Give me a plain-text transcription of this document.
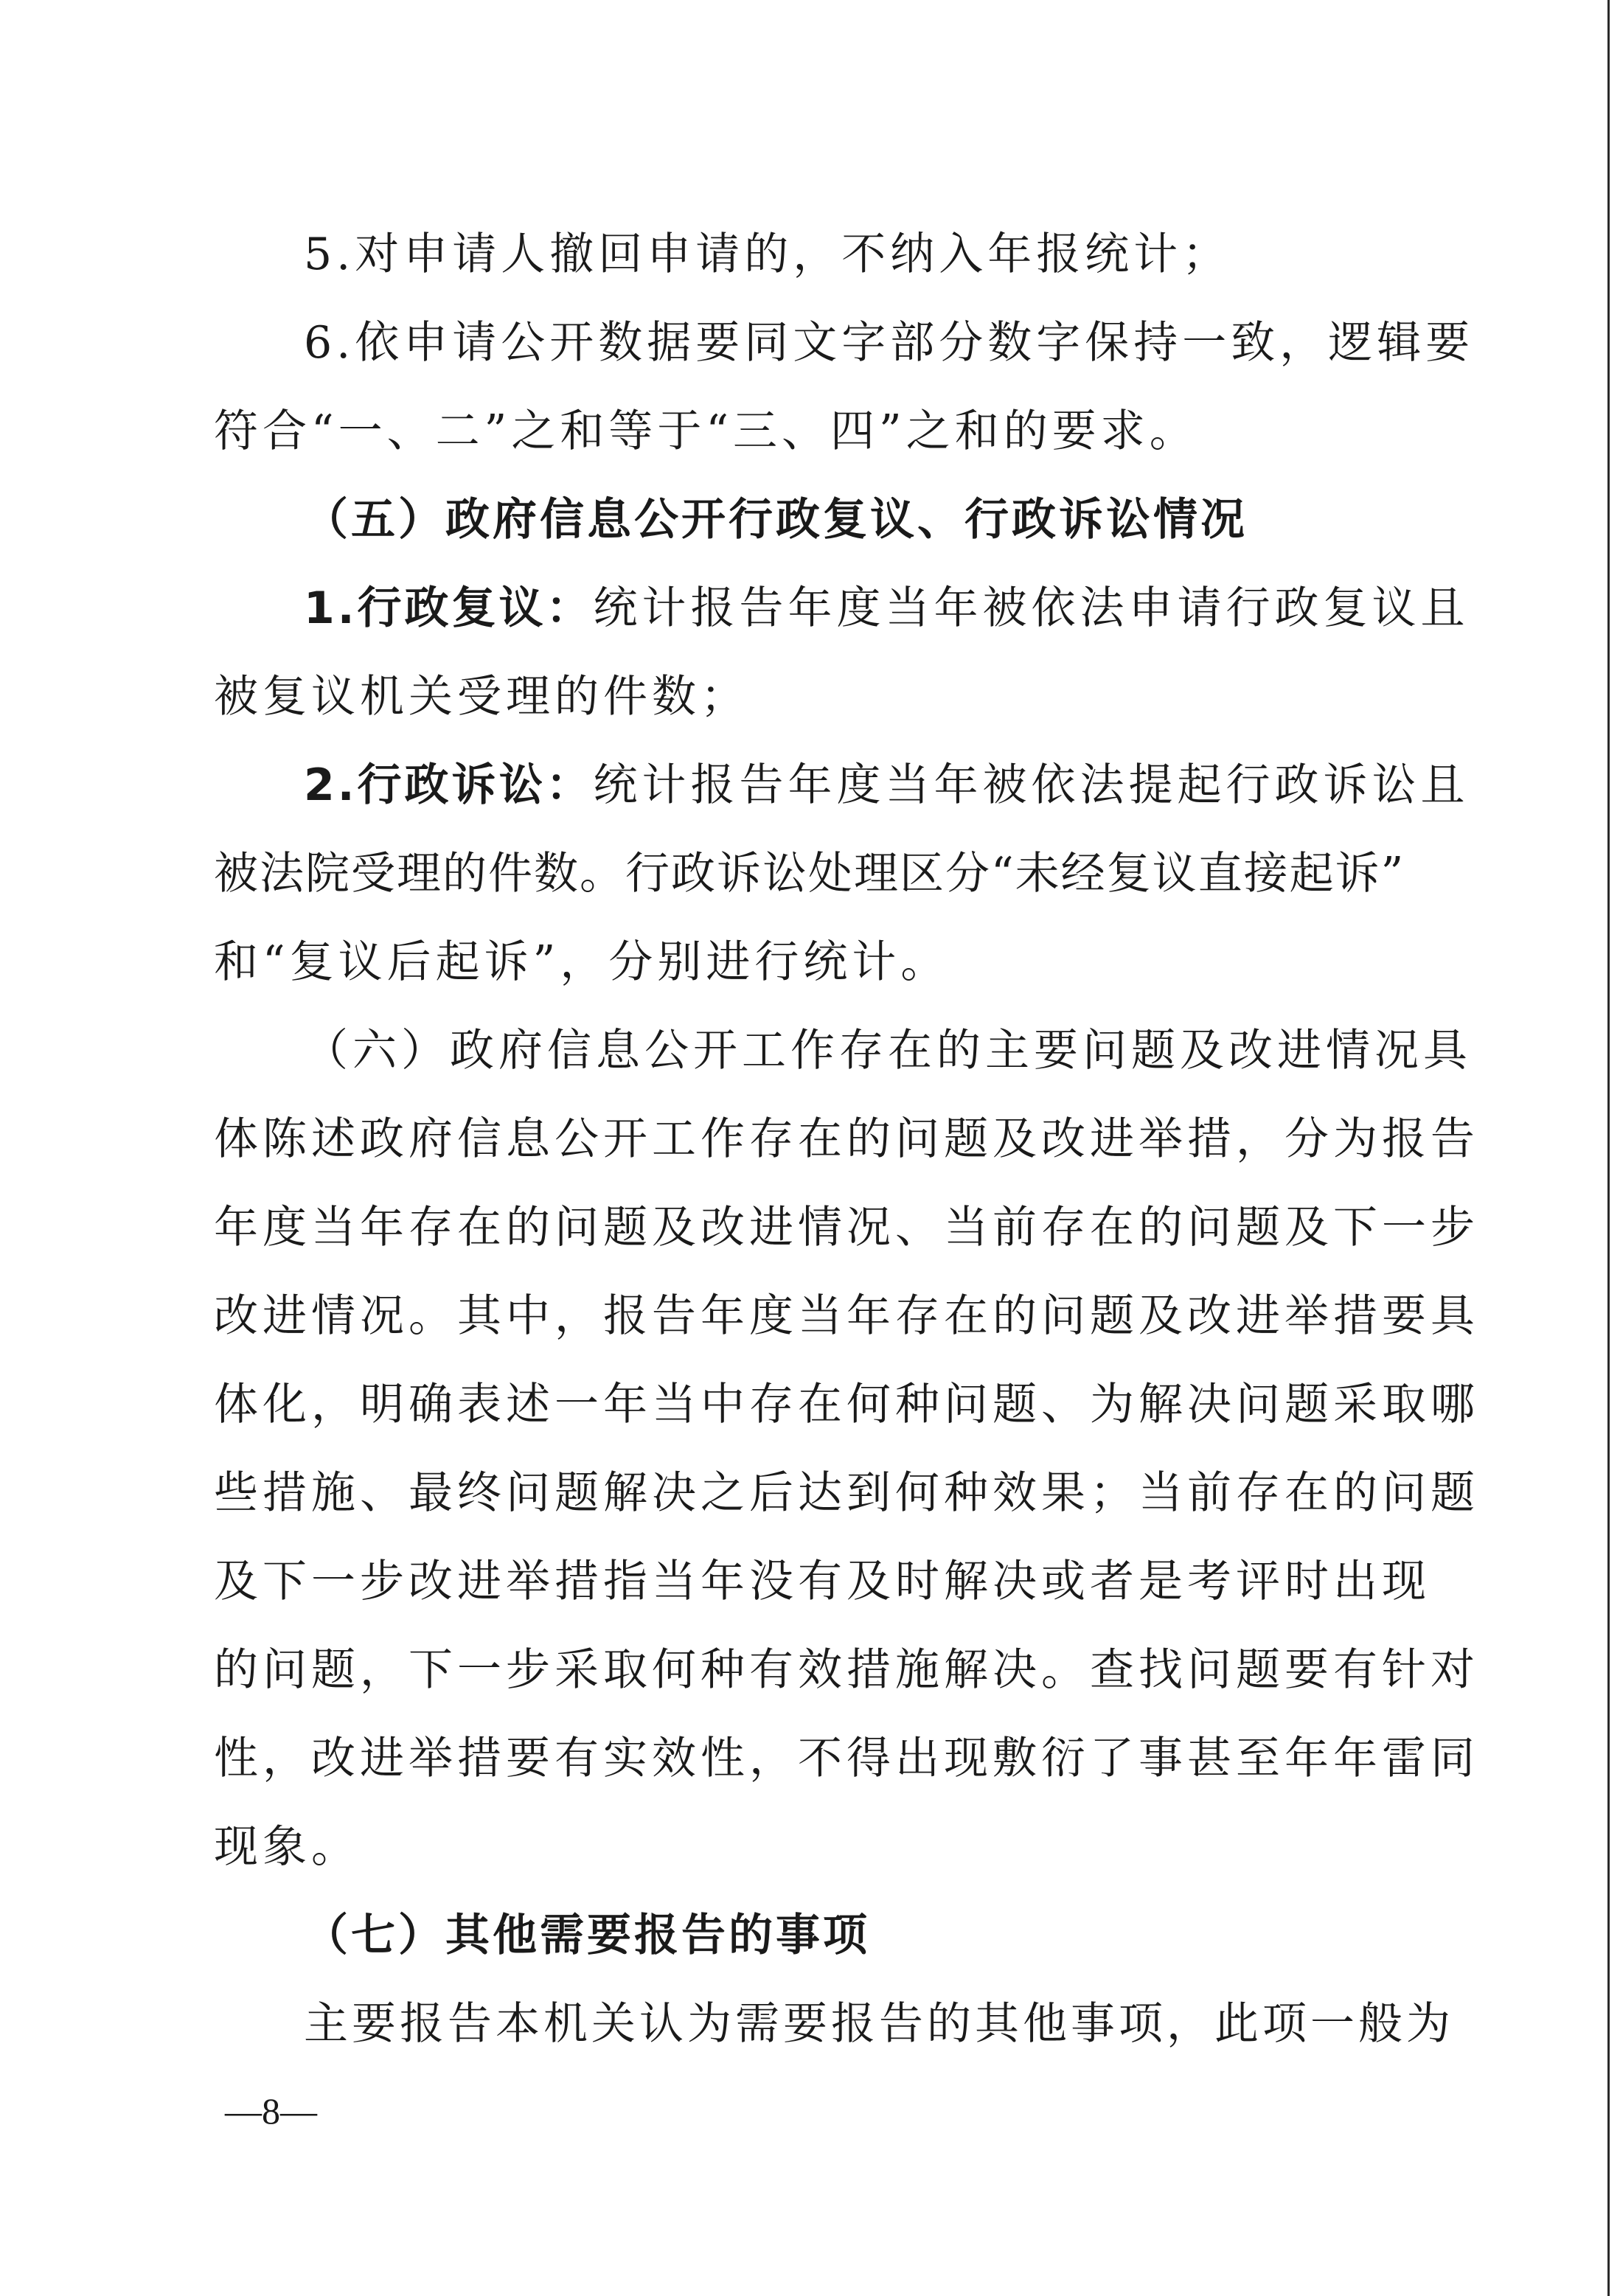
5.对申请人撤回申请的，不纳入年报统计；
6.依申请公开数据要同文字部分数字保持一致，逻辑要
符合“一、二”之和等于“三、四”之和的要求。
（五）政府信息公开行政复议、行政诉讼情况
1.行政复议：统计报告年度当年被依法申请行政复议且
被复议机关受理的件数；
2.行政诉讼：统计报告年度当年被依法提起行政诉讼且
被法院受理的件数。行政诉讼处理区分“未经复议直接起诉”
和“复议后起诉”，分别进行统计。
（六）政府信息公开工作存在的主要问题及改进情况具
体陈述政府信息公开工作存在的问题及改进举措，分为报告
年度当年存在的问题及改进情况、当前存在的问题及下一步
改进情况。其中，报告年度当年存在的问题及改进举措要具
体化，明确表述一年当中存在何种问题、为解决问题采取哪
些措施、最终问题解决之后达到何种效果；当前存在的问题
及下一步改进举措指当年没有及时解决或者是考评时出现
的问题，下一步采取何种有效措施解决。查找问题要有针对
性，改进举措要有实效性，不得出现敷衍了事甚至年年雷同
现象。
（七）其他需要报告的事项
主要报告本机关认为需要报告的其他事项，此项一般为
—8—
